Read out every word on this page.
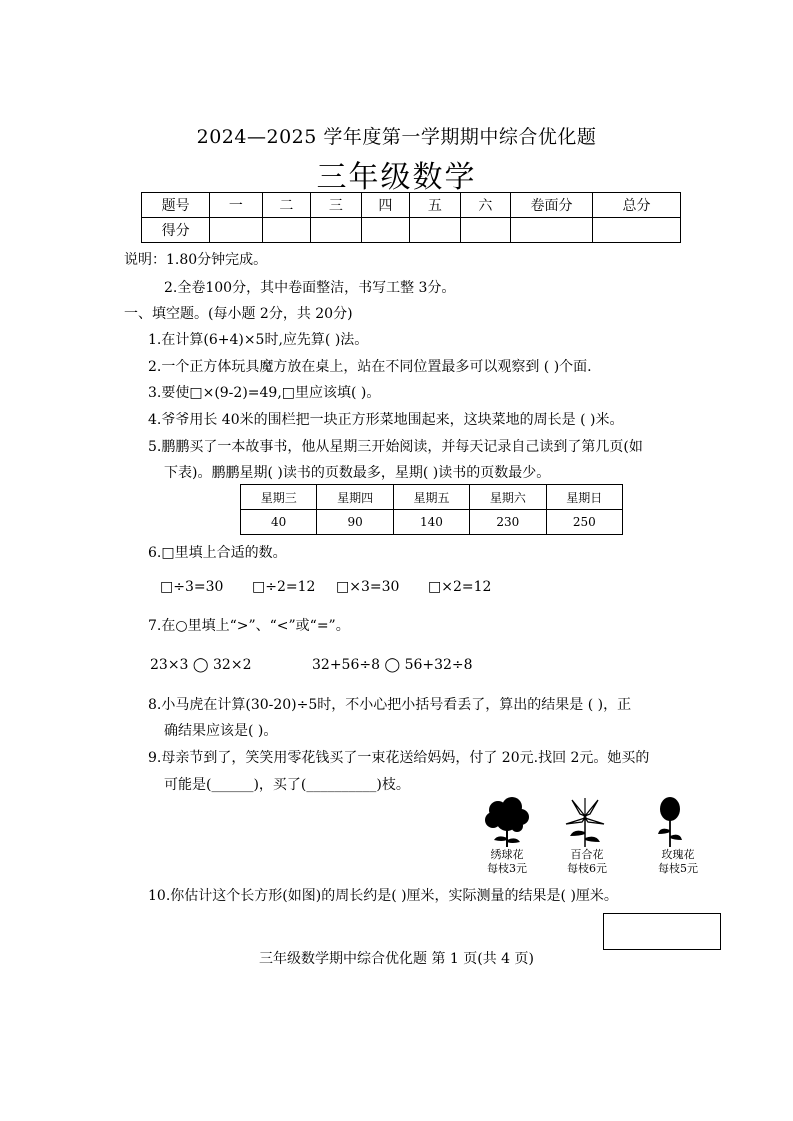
2024—2025 学年度第一学期期中综合优化题
三年级数学
题号	一	二	三	四	五	六	卷面分	总分
得分								
说明：1.80分钟完成。
2.全卷100分，其中卷面整洁，书写工整 3分。
一、填空题。(每小题 2分，共 20分)
1.在计算(6+4)×5时,应先算( )法。
2.一个正方体玩具魔方放在桌上，站在不同位置最多可以观察到 ( )个面.
3.要使□×(9-2)=49,□里应该填( )。
4.爷爷用长 40米的围栏把一块正方形菜地围起来，这块菜地的周长是 ( )米。
5.鹏鹏买了一本故事书，他从星期三开始阅读，并每天记录自己读到了第几页(如
下表)。鹏鹏星期( )读书的页数最多，星期( )读书的页数最少。
星期三	星期四	星期五	星期六	星期日
40	90	140	230	250
6.□里填上合适的数。
□÷3=30 □÷2=12 □×3=30 □×2=12
7.在○里填上“>”、“<”或“=”。
23×3 ◯ 32×2	32+56÷8 ◯ 56+32÷8
8.小马虎在计算(30-20)÷5时，不小心把小括号看丢了，算出的结果是 ( )，正
确结果应该是( )。
9.母亲节到了，笑笑用零花钱买了一束花送给妈妈，付了 20元.找回 2元。她买的
可能是(______)，买了(__________)枝。
绣球花
每枝3元
百合花
每枝6元
玫瑰花
每枝5元
10.你估计这个长方形(如图)的周长约是( )厘米，实际测量的结果是( )厘米。
三年级数学期中综合优化题 第 1 页(共 4 页)
